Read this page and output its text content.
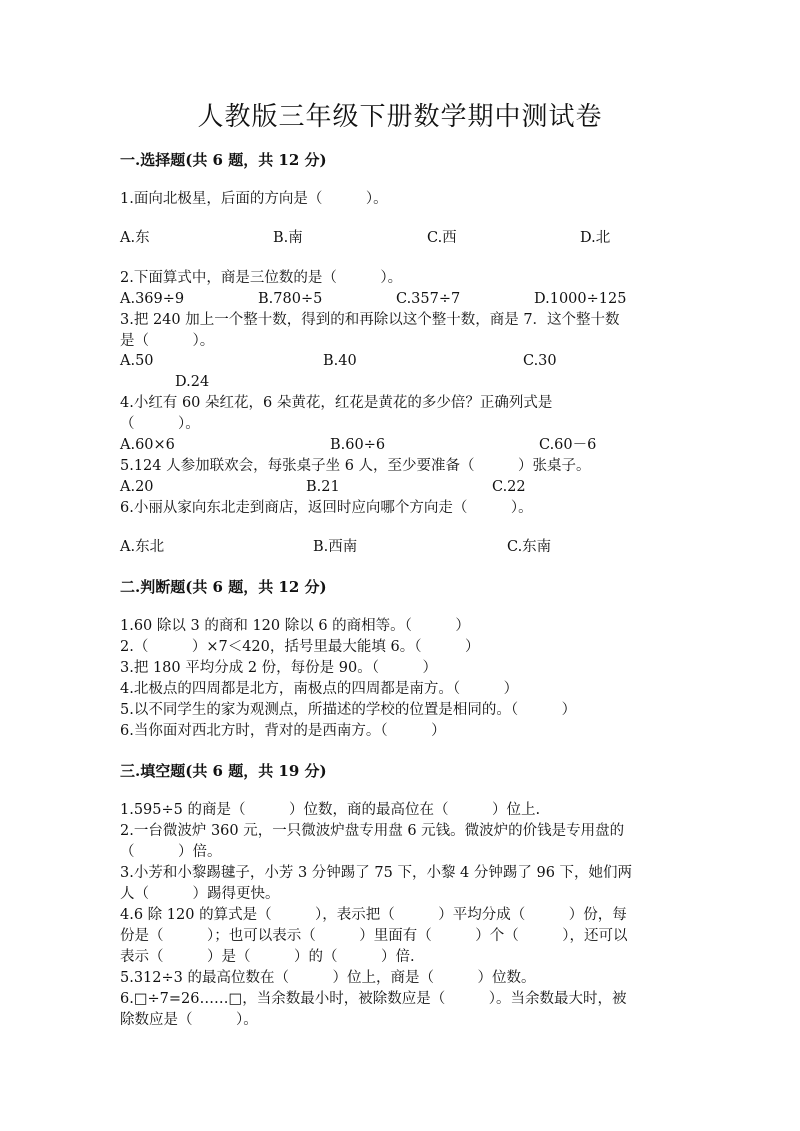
人教版三年级下册数学期中测试卷
一.选择题(共 6 题，共 12 分)
1.面向北极星，后面的方向是（　　　）。
A.东	B.南	C.西	D.北
2.下面算式中，商是三位数的是（　　　）。
A.369÷9	B.780÷5	C.357÷7	D.1000÷125
3.把 240 加上一个整十数，得到的和再除以这个整十数，商是 7．这个整十数
是（　　　）。
A.50	B.40	C.30
D.24
4.小红有 60 朵红花，6 朵黄花，红花是黄花的多少倍？正确列式是
（　　　）。
A.60×6	B.60÷6	C.60－6
5.124 人参加联欢会，每张桌子坐 6 人，至少要准备（　　　）张桌子。
A.20	B.21	C.22
6.小丽从家向东北走到商店，返回时应向哪个方向走（　　　）。
A.东北	B.西南	C.东南
二.判断题(共 6 题，共 12 分)
1.60 除以 3 的商和 120 除以 6 的商相等。（　　　）
2.（　　　）×7＜420，括号里最大能填 6。（　　　）
3.把 180 平均分成 2 份，每份是 90。（　　　）
4.北极点的四周都是北方，南极点的四周都是南方。（　　　）
5.以不同学生的家为观测点，所描述的学校的位置是相同的。（　　　）
6.当你面对西北方时，背对的是西南方。（　　　）
三.填空题(共 6 题，共 19 分)
1.595÷5 的商是（　　　）位数，商的最高位在（　　　）位上.
2.一台微波炉 360 元，一只微波炉盘专用盘 6 元钱。微波炉的价钱是专用盘的
（　　　）倍。
3.小芳和小黎踢毽子，小芳 3 分钟踢了 75 下，小黎 4 分钟踢了 96 下，她们两
人（　　　）踢得更快。
4.6 除 120 的算式是（　　　），表示把（　　　）平均分成（　　　）份，每
份是（　　　）；也可以表示（　　　）里面有（　　　）个（　　　），还可以
表示（　　　）是（　　　）的（　　　）倍.
5.312÷3 的最高位数在（　　　）位上，商是（　　　）位数。
6.□÷7=26……□，当余数最小时，被除数应是（　　　）。当余数最大时，被
除数应是（　　　）。
